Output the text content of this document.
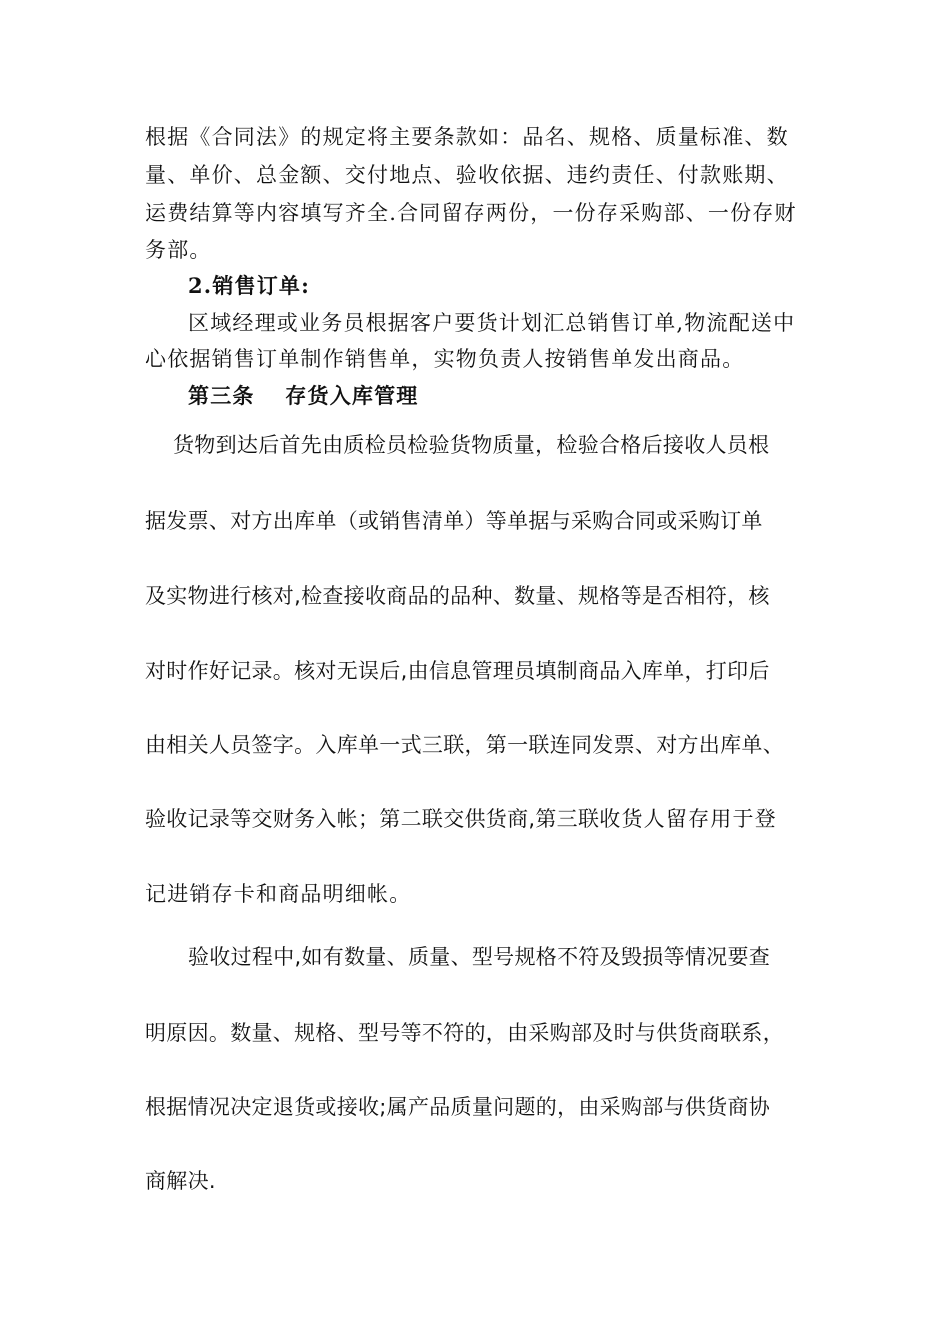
根据《合同法》的规定将主要条款如：品名、规格、质量标准、数
量、单价、总金额、交付地点、验收依据、违约责任、付款账期、
运费结算等内容填写齐全.合同留存两份，一份存采购部、一份存财
务部。
2.销售订单:
区域经理或业务员根据客户要货计划汇总销售订单,物流配送中
心依据销售订单制作销售单，实物负责人按销售单发出商品。
第三条　 存货入库管理
货物到达后首先由质检员检验货物质量，检验合格后接收人员根
据发票、对方出库单（或销售清单）等单据与采购合同或采购订单
及实物进行核对,检查接收商品的品种、数量、规格等是否相符，核
对时作好记录。核对无误后,由信息管理员填制商品入库单，打印后
由相关人员签字。入库单一式三联，第一联连同发票、对方出库单、
验收记录等交财务入帐；第二联交供货商,第三联收货人留存用于登
记进销存卡和商品明细帐。
验收过程中,如有数量、质量、型号规格不符及毁损等情况要查
明原因。数量、规格、型号等不符的，由采购部及时与供货商联系，
根据情况决定退货或接收;属产品质量问题的，由采购部与供货商协
商解决.
